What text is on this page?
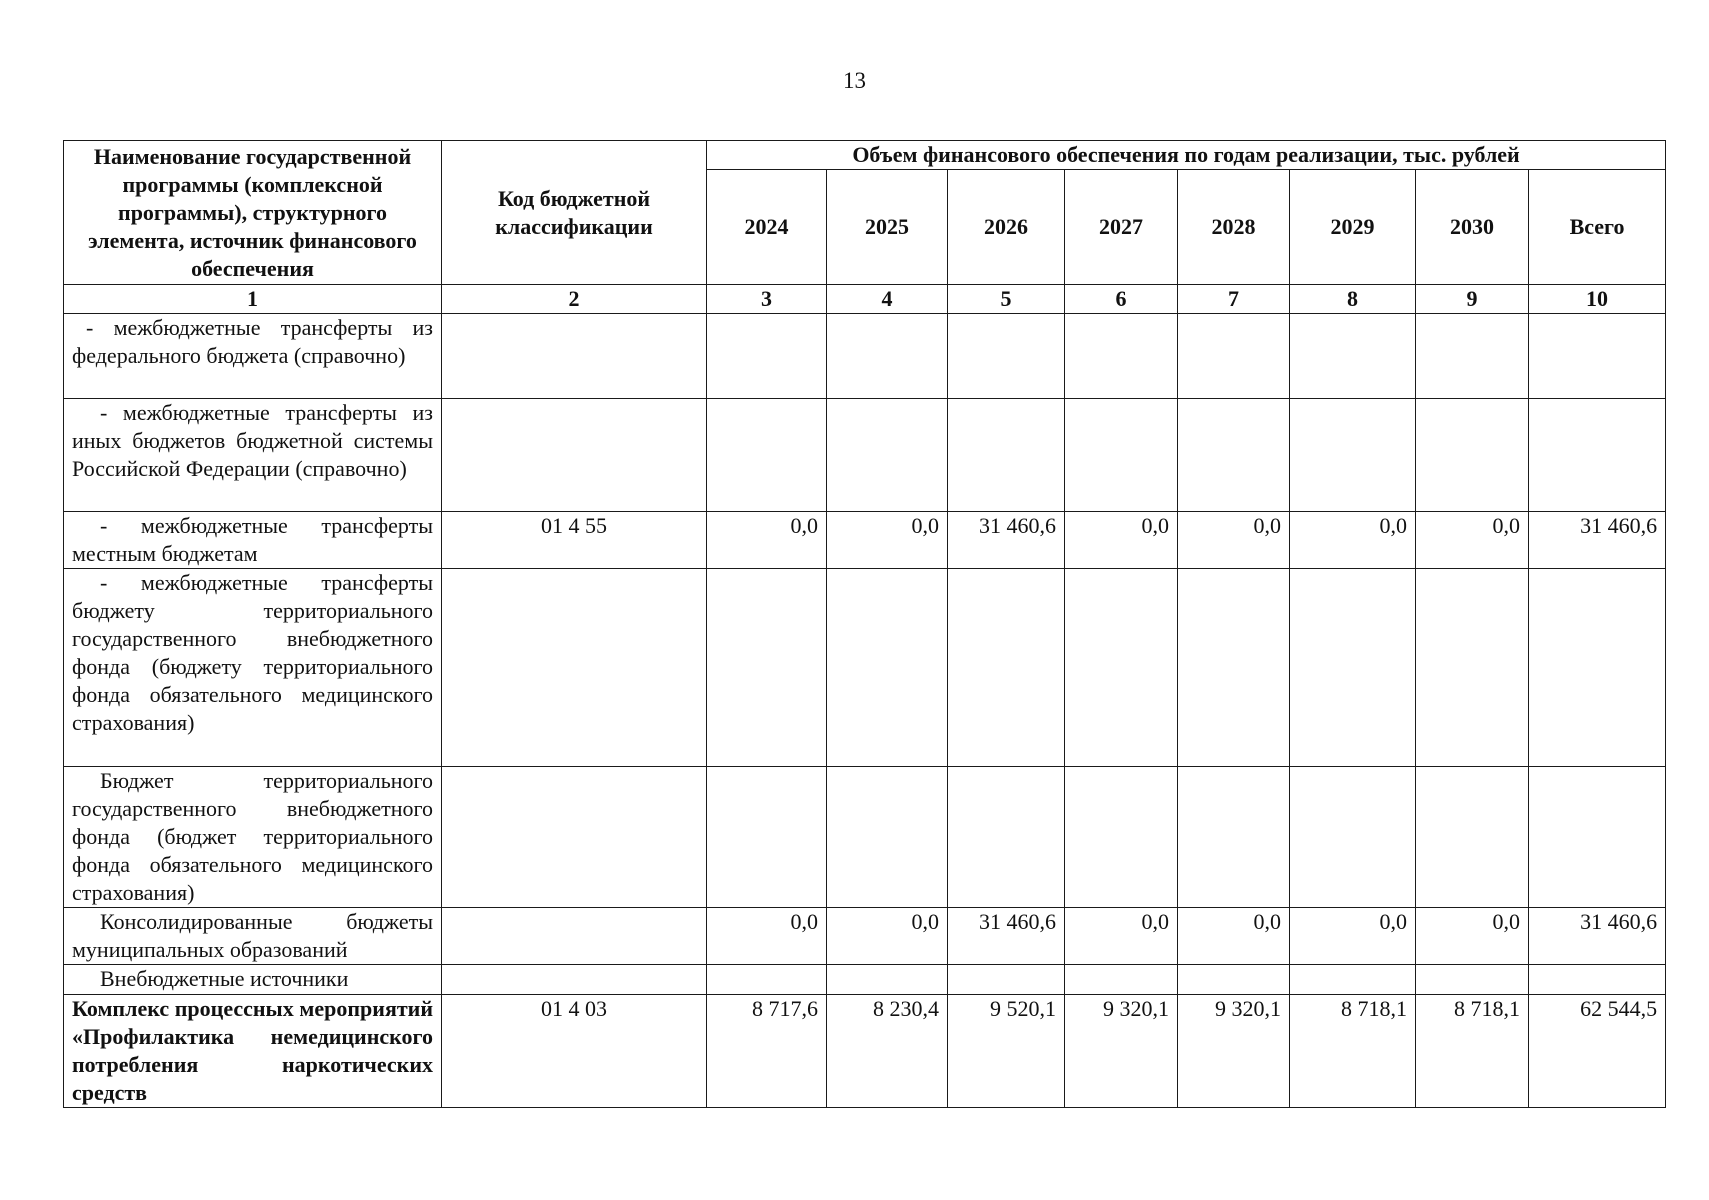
13
Наименование государственной программы (комплексной программы), структурного элемента, источник финансового обеспечения	Код бюджетной классификации	Объем финансового обеспечения по годам реализации, тыс. рублей							
		2024	2025	2026	2027	2028	2029	2030	Всего
1	2	3	4	5	6	7	8	9	10

- межбюджетные трансферты из федерального бюджета (справочно)									

- межбюджетные трансферты из иных бюджетов бюджетной системы Российской Федерации (справочно)									

- межбюджетные трансферты местным бюджетам	01 4 55	0,0	0,0	31 460,6	0,0	0,0	0,0	0,0	31 460,6

- межбюджетные трансферты бюджету территориального государственного внебюджетного фонда (бюджету территориального фонда обязательного медицинского страхования)									

Бюджет территориального государственного внебюджетного фонда (бюджет территориального фонда обязательного медицинского страхования)									

Консолидированные бюджеты муниципальных образований		0,0	0,0	31 460,6	0,0	0,0	0,0	0,0	31 460,6

Внебюджетные источники									

Комплекс процессных мероприятий «Профилактика немедицинского потребления наркотических средств	01 4 03	8 717,6	8 230,4	9 520,1	9 320,1	9 320,1	8 718,1	8 718,1	62 544,5
